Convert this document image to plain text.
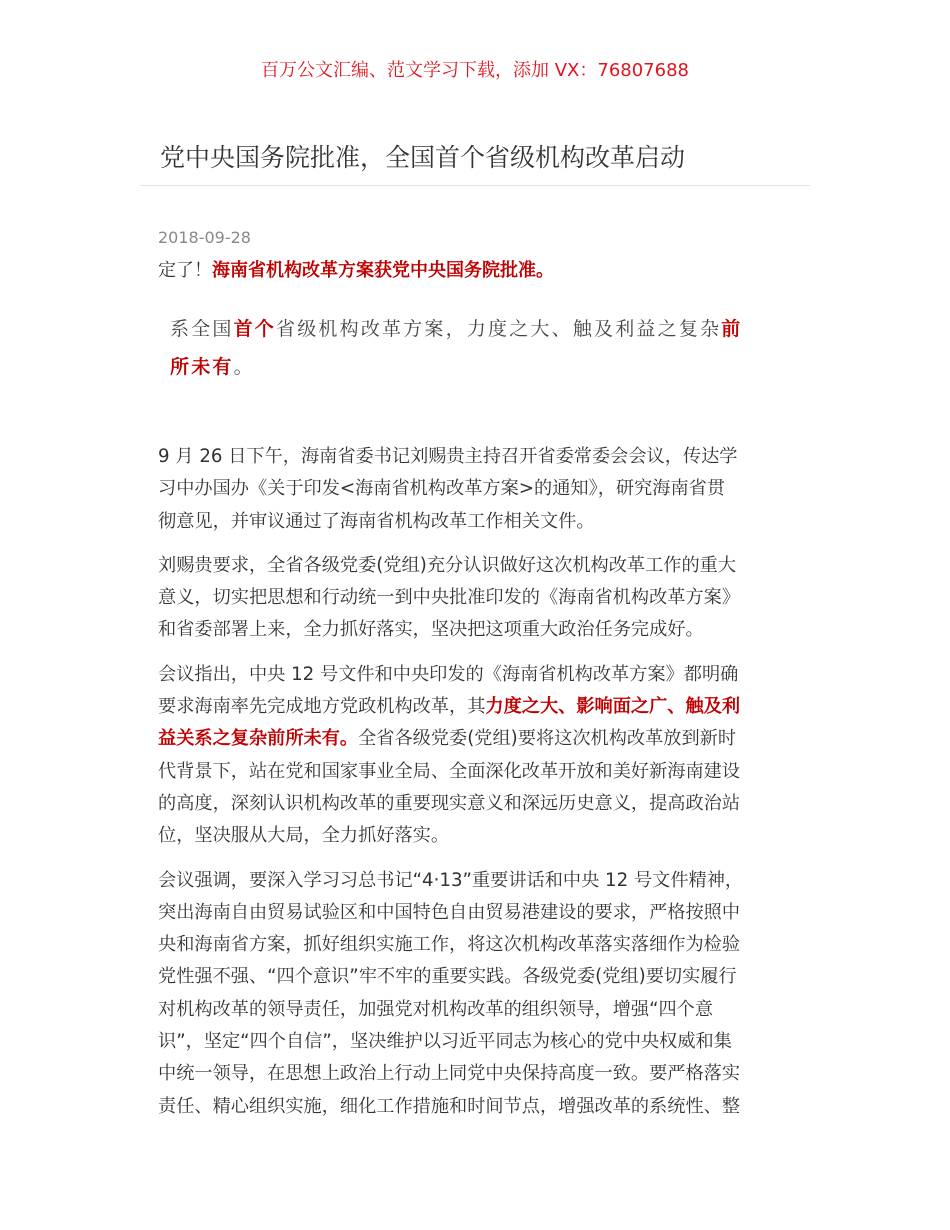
百万公文汇编、范文学习下载，添加 VX：76807688
党中央国务院批准，全国首个省级机构改革启动
2018-09-28
定了！海南省机构改革方案获党中央国务院批准。
系全国首个省级机构改革方案，力度之大、触及利益之复杂前
所未有。
9 月 26 日下午，海南省委书记刘赐贵主持召开省委常委会会议，传达学
习中办国办《关于印发<海南省机构改革方案>的通知》，研究海南省贯
彻意见，并审议通过了海南省机构改革工作相关文件。
刘赐贵要求，全省各级党委(党组)充分认识做好这次机构改革工作的重大
意义，切实把思想和行动统一到中央批准印发的《海南省机构改革方案》
和省委部署上来，全力抓好落实，坚决把这项重大政治任务完成好。
会议指出，中央 12 号文件和中央印发的《海南省机构改革方案》都明确
要求海南率先完成地方党政机构改革，其力度之大、影响面之广、触及利
益关系之复杂前所未有。全省各级党委(党组)要将这次机构改革放到新时
代背景下，站在党和国家事业全局、全面深化改革开放和美好新海南建设
的高度，深刻认识机构改革的重要现实意义和深远历史意义，提高政治站
位，坚决服从大局，全力抓好落实。
会议强调，要深入学习习总书记“4·13”重要讲话和中央 12 号文件精神，
突出海南自由贸易试验区和中国特色自由贸易港建设的要求，严格按照中
央和海南省方案，抓好组织实施工作，将这次机构改革落实落细作为检验
党性强不强、“四个意识”牢不牢的重要实践。各级党委(党组)要切实履行
对机构改革的领导责任，加强党对机构改革的组织领导，增强“四个意
识”，坚定“四个自信”，坚决维护以习近平同志为核心的党中央权威和集
中统一领导，在思想上政治上行动上同党中央保持高度一致。要严格落实
责任、精心组织实施，细化工作措施和时间节点，增强改革的系统性、整
